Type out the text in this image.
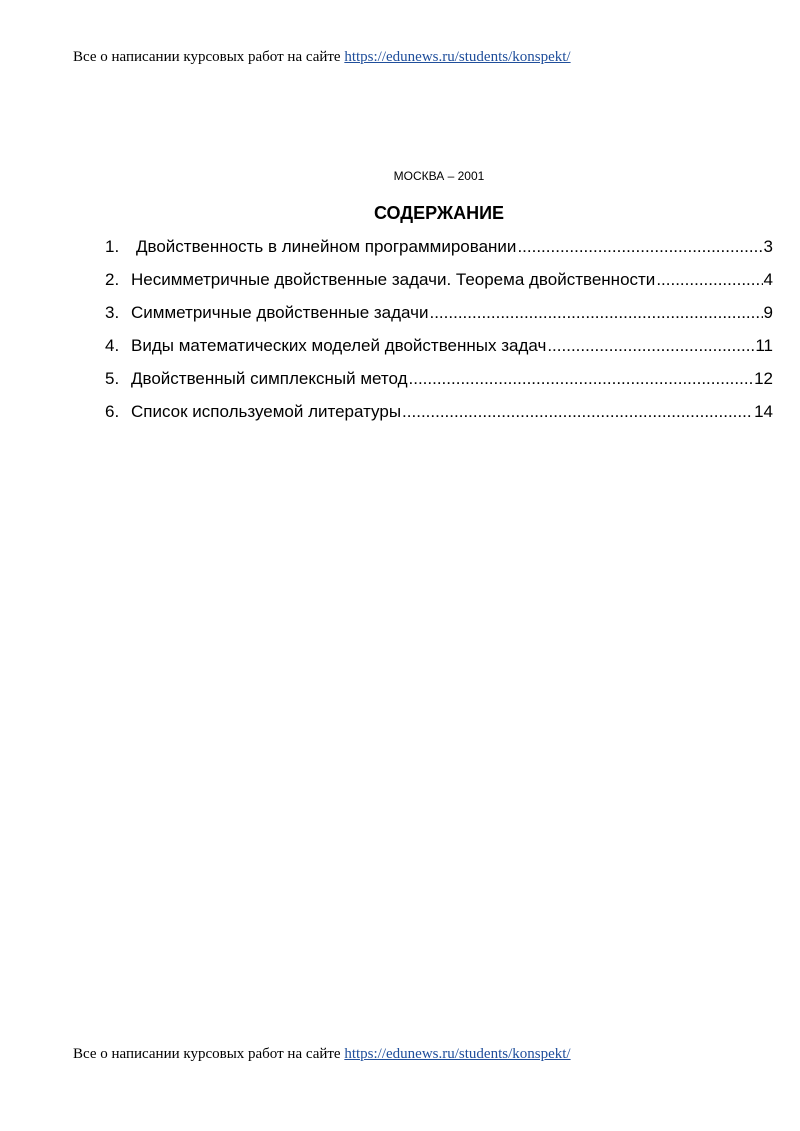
Все о написании курсовых работ на сайте https://edunews.ru/students/konspekt/
МОСКВА – 2001
СОДЕРЖАНИЕ
1. Двойственность в линейном программировании .....	3
2. Несимметричные двойственные задачи. Теорема двойственности .....	4
3. Симметричные двойственные задачи .....	9
4. Виды математических моделей двойственных задач .....	11
5. Двойственный симплексный метод .....	12
6. Список используемой литературы .....	14
Все о написании курсовых работ на сайте https://edunews.ru/students/konspekt/
